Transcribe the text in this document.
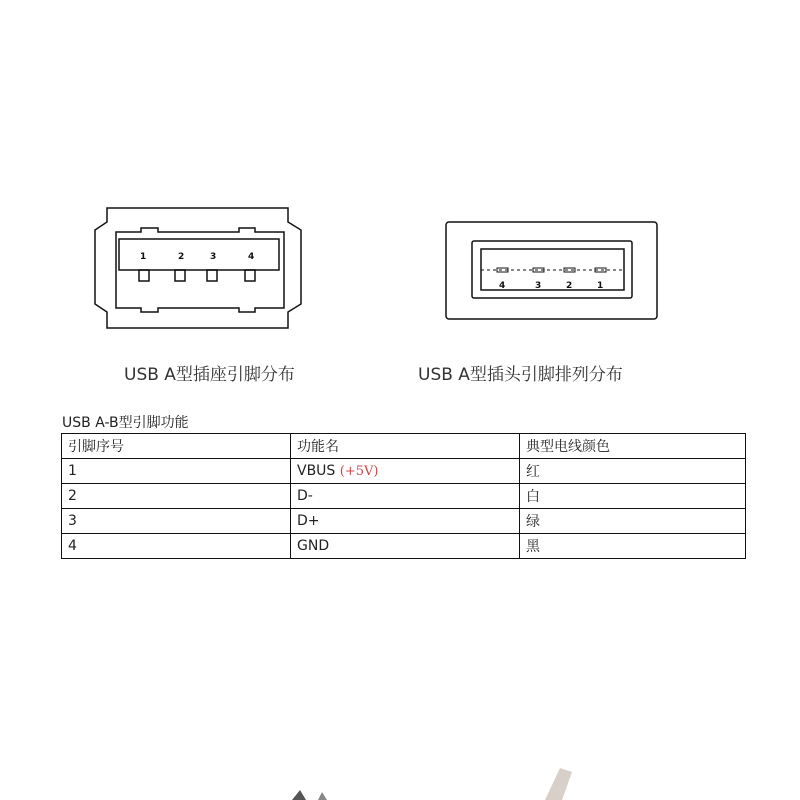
1	2	3	4
4	3	2	1
USB A型插座引脚分布	USB A型插头引脚排列分布
USB A-B型引脚功能
引脚序号	功能名	典型电线颜色
1	VBUS (+5V)	红
2	D-	白
3	D+	绿
4	GND	黑
